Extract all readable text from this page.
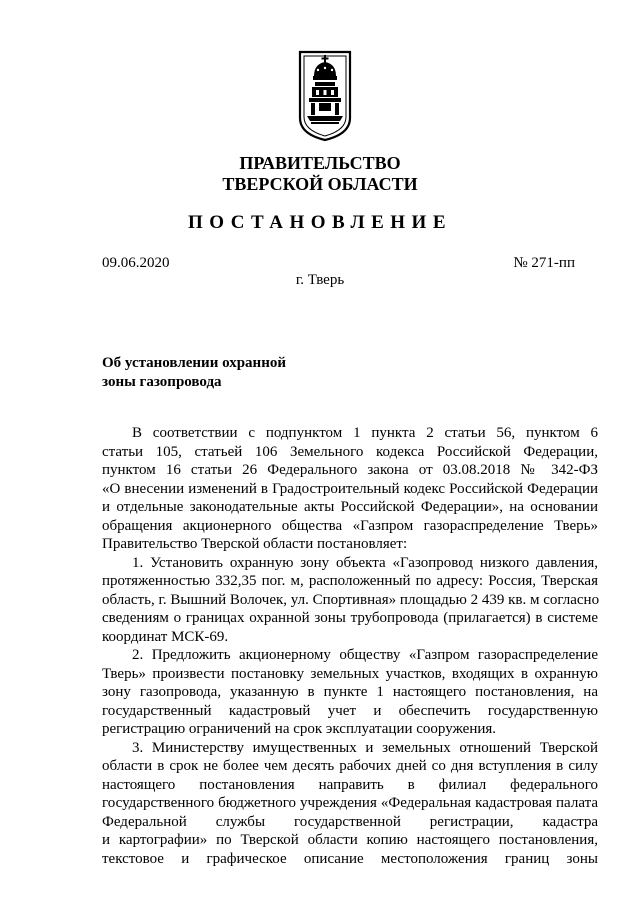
ПРАВИТЕЛЬСТВО
ТВЕРСКОЙ ОБЛАСТИ
ПОСТАНОВЛЕНИЕ
09.06.2020	№ 271-пп
г. Тверь
Об установлении охранной
зоны газопровода
В соответствии с подпунктом 1 пункта 2 статьи 56, пунктом 6
статьи 105, статьей 106 Земельного кодекса Российской Федерации,
пунктом 16 статьи 26 Федерального закона от 03.08.2018 № 342-ФЗ
«О внесении изменений в Градостроительный кодекс Российской Федерации
и отдельные законодательные акты Российской Федерации», на основании
обращения акционерного общества «Газпром газораспределение Тверь»
Правительство Тверской области постановляет:
1. Установить охранную зону объекта «Газопровод низкого давления,
протяженностью 332,35 пог. м, расположенный по адресу: Россия, Тверская
область, г. Вышний Волочек, ул. Спортивная» площадью 2 439 кв. м согласно
сведениям о границах охранной зоны трубопровода (прилагается) в системе
координат МСК-69.
2. Предложить акционерному обществу «Газпром газораспределение
Тверь» произвести постановку земельных участков, входящих в охранную
зону газопровода, указанную в пункте 1 настоящего постановления, на
государственный кадастровый учет и обеспечить государственную
регистрацию ограничений на срок эксплуатации сооружения.
3. Министерству имущественных и земельных отношений Тверской
области в срок не более чем десять рабочих дней со дня вступления в силу
настоящего постановления направить в филиал федерального
государственного бюджетного учреждения «Федеральная кадастровая палата
Федеральной службы государственной регистрации, кадастра
и картографии» по Тверской области копию настоящего постановления,
текстовое и графическое описание местоположения границ зоны
